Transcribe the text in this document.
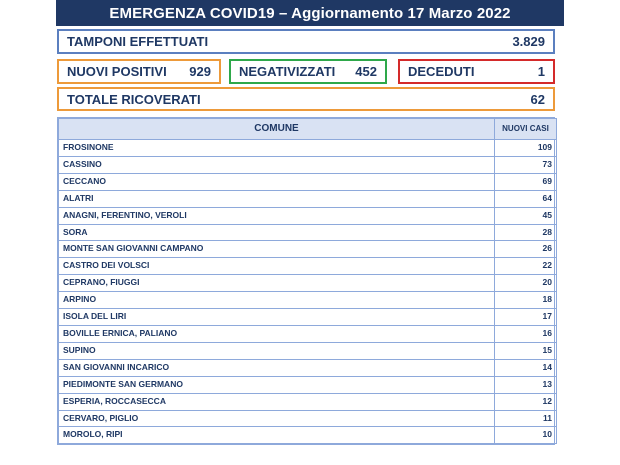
EMERGENZA COVID19 – Aggiornamento 17 Marzo 2022
TAMPONI EFFETTUATI	3.829
NUOVI POSITIVI 929 NEGATIVIZZATI 452 DECEDUTI	1
TOTALE RICOVERATI	62
COMUNE	NUOVI CASI
FROSINONE	109
CASSINO	73
CECCANO	69
ALATRI	64
ANAGNI, FERENTINO, VEROLI	45
SORA	28
MONTE SAN GIOVANNI CAMPANO	26
CASTRO DEI VOLSCI	22
CEPRANO, FIUGGI	20
ARPINO	18
ISOLA DEL LIRI	17
BOVILLE ERNICA, PALIANO	16
SUPINO	15
SAN GIOVANNI INCARICO	14
PIEDIMONTE SAN GERMANO	13
ESPERIA, ROCCASECCA	12
CERVARO, PIGLIO	11
MOROLO, RIPI	10
